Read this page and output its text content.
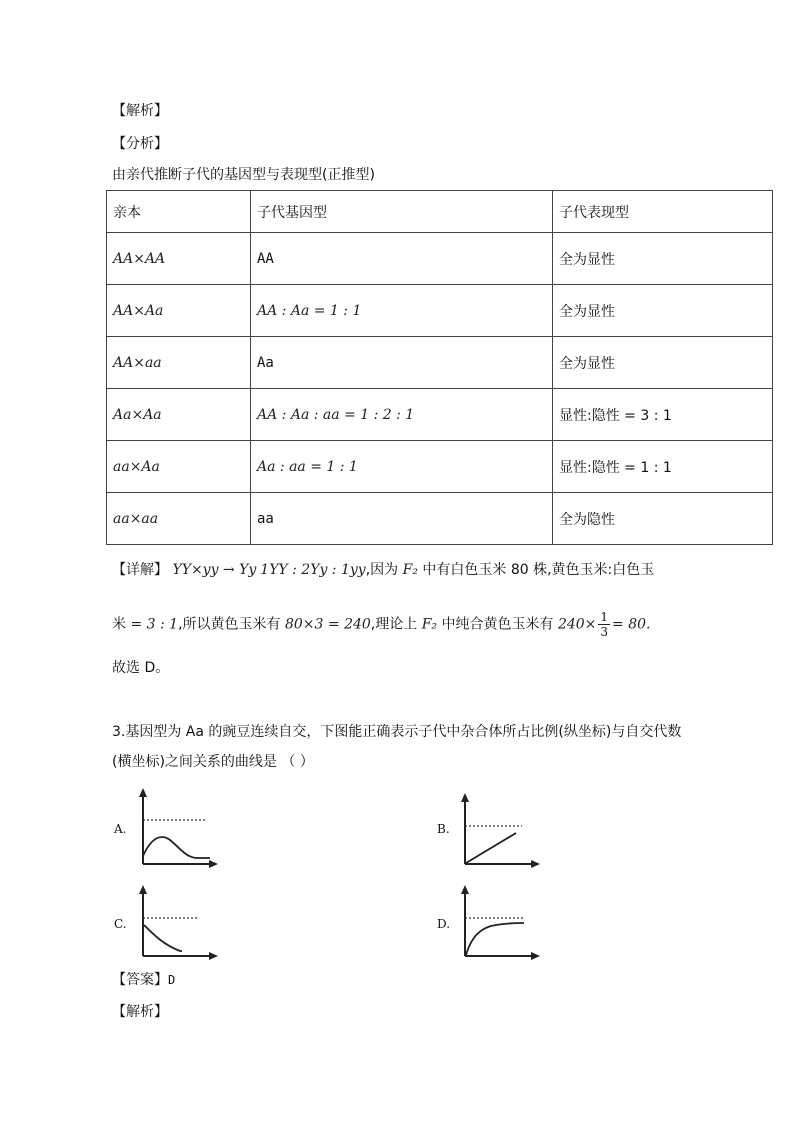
【解析】
【分析】
由亲代推断子代的基因型与表现型(正推型)
亲本	子代基因型	子代表现型
AA×AA	AA	全为显性
AA×Aa	AA : Aa = 1 : 1	全为显性
AA×aa	Aa	全为显性
Aa×Aa	AA : Aa : aa = 1 : 2 : 1	显性:隐性 = 3 : 1
aa×Aa	Aa : aa = 1 : 1	显性:隐性 = 1 : 1
aa×aa	aa	全为隐性
【详解】 YY×yy → Yy 1YY : 2Yy : 1yy,因为 F₂ 中有白色玉米 80 株,黄色玉米:白色玉
米 = 3 : 1,所以黄色玉米有 80×3 = 240,理论上 F₂ 中纯合黄色玉米有 $240\times \frac{1}{3} = 80$.
故选 D。
3.基因型为 Aa 的豌豆连续自交，下图能正确表示子代中杂合体所占比例(纵坐标)与自交代数
(横坐标)之间关系的曲线是 （ ）
A.	B.
C.	D.
【答案】D
【解析】
